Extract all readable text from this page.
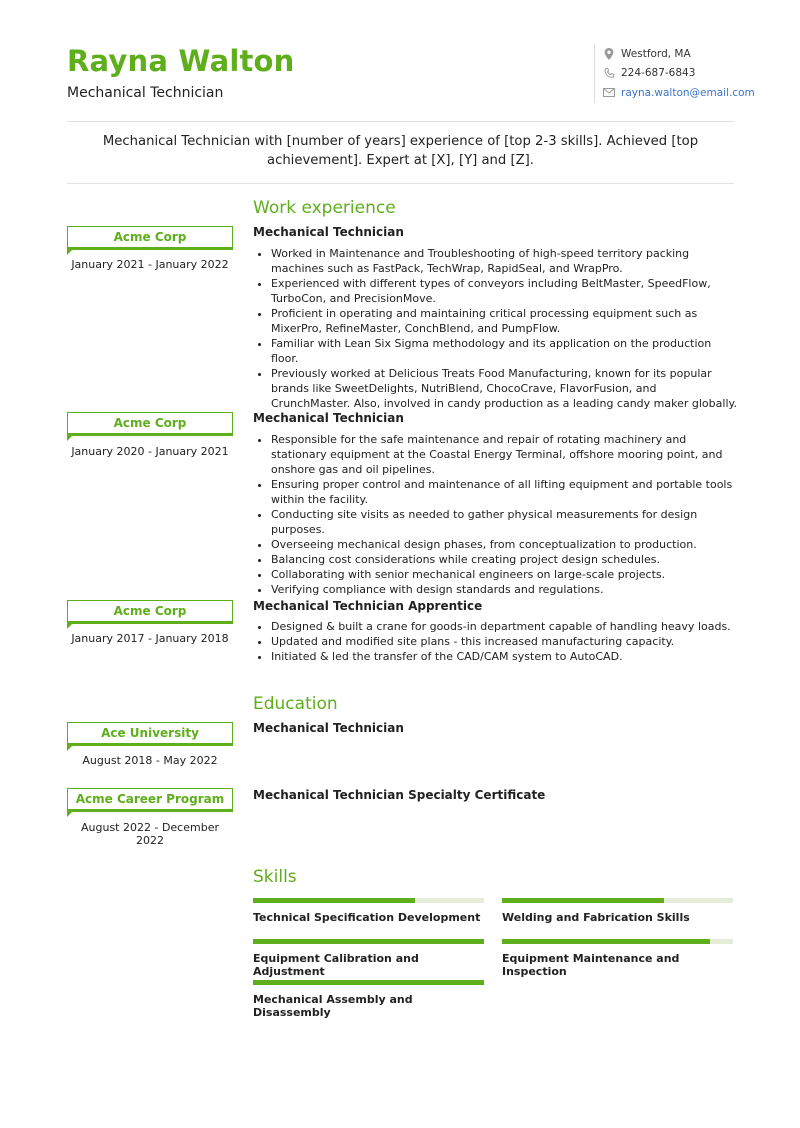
Rayna Walton
Mechanical Technician
Westford, MA
224-687-6843
rayna.walton@email.com
Mechanical Technician with [number of years] experience of [top 2-3 skills]. Achieved [top achievement]. Expert at [X], [Y] and [Z].
Work experience
Acme Corp
January 2021 - January 2022
Mechanical Technician
• Worked in Maintenance and Troubleshooting of high-speed territory packing machines such as FastPack, TechWrap, RapidSeal, and WrapPro.
• Experienced with different types of conveyors including BeltMaster, SpeedFlow, TurboCon, and PrecisionMove.
• Proficient in operating and maintaining critical processing equipment such as MixerPro, RefineMaster, ConchBlend, and PumpFlow.
• Familiar with Lean Six Sigma methodology and its application on the production floor.
• Previously worked at Delicious Treats Food Manufacturing, known for its popular brands like SweetDelights, NutriBlend, ChocoCrave, FlavorFusion, and CrunchMaster. Also, involved in candy production as a leading candy maker globally.
Acme Corp
January 2020 - January 2021
Mechanical Technician
• Responsible for the safe maintenance and repair of rotating machinery and stationary equipment at the Coastal Energy Terminal, offshore mooring point, and onshore gas and oil pipelines.
• Ensuring proper control and maintenance of all lifting equipment and portable tools within the facility.
• Conducting site visits as needed to gather physical measurements for design purposes.
• Overseeing mechanical design phases, from conceptualization to production.
• Balancing cost considerations while creating project design schedules.
• Collaborating with senior mechanical engineers on large-scale projects.
• Verifying compliance with design standards and regulations.
Acme Corp
January 2017 - January 2018
Mechanical Technician Apprentice
• Designed & built a crane for goods-in department capable of handling heavy loads.
• Updated and modified site plans - this increased manufacturing capacity.
• Initiated & led the transfer of the CAD/CAM system to AutoCAD.
Education
Ace University
August 2018 - May 2022
Mechanical Technician
Acme Career Program
August 2022 - December 2022
Mechanical Technician Specialty Certificate
Skills
Technical Specification Development	Welding and Fabrication Skills
Equipment Calibration and Adjustment
Equipment Maintenance and Inspection
Mechanical Assembly and Disassembly
